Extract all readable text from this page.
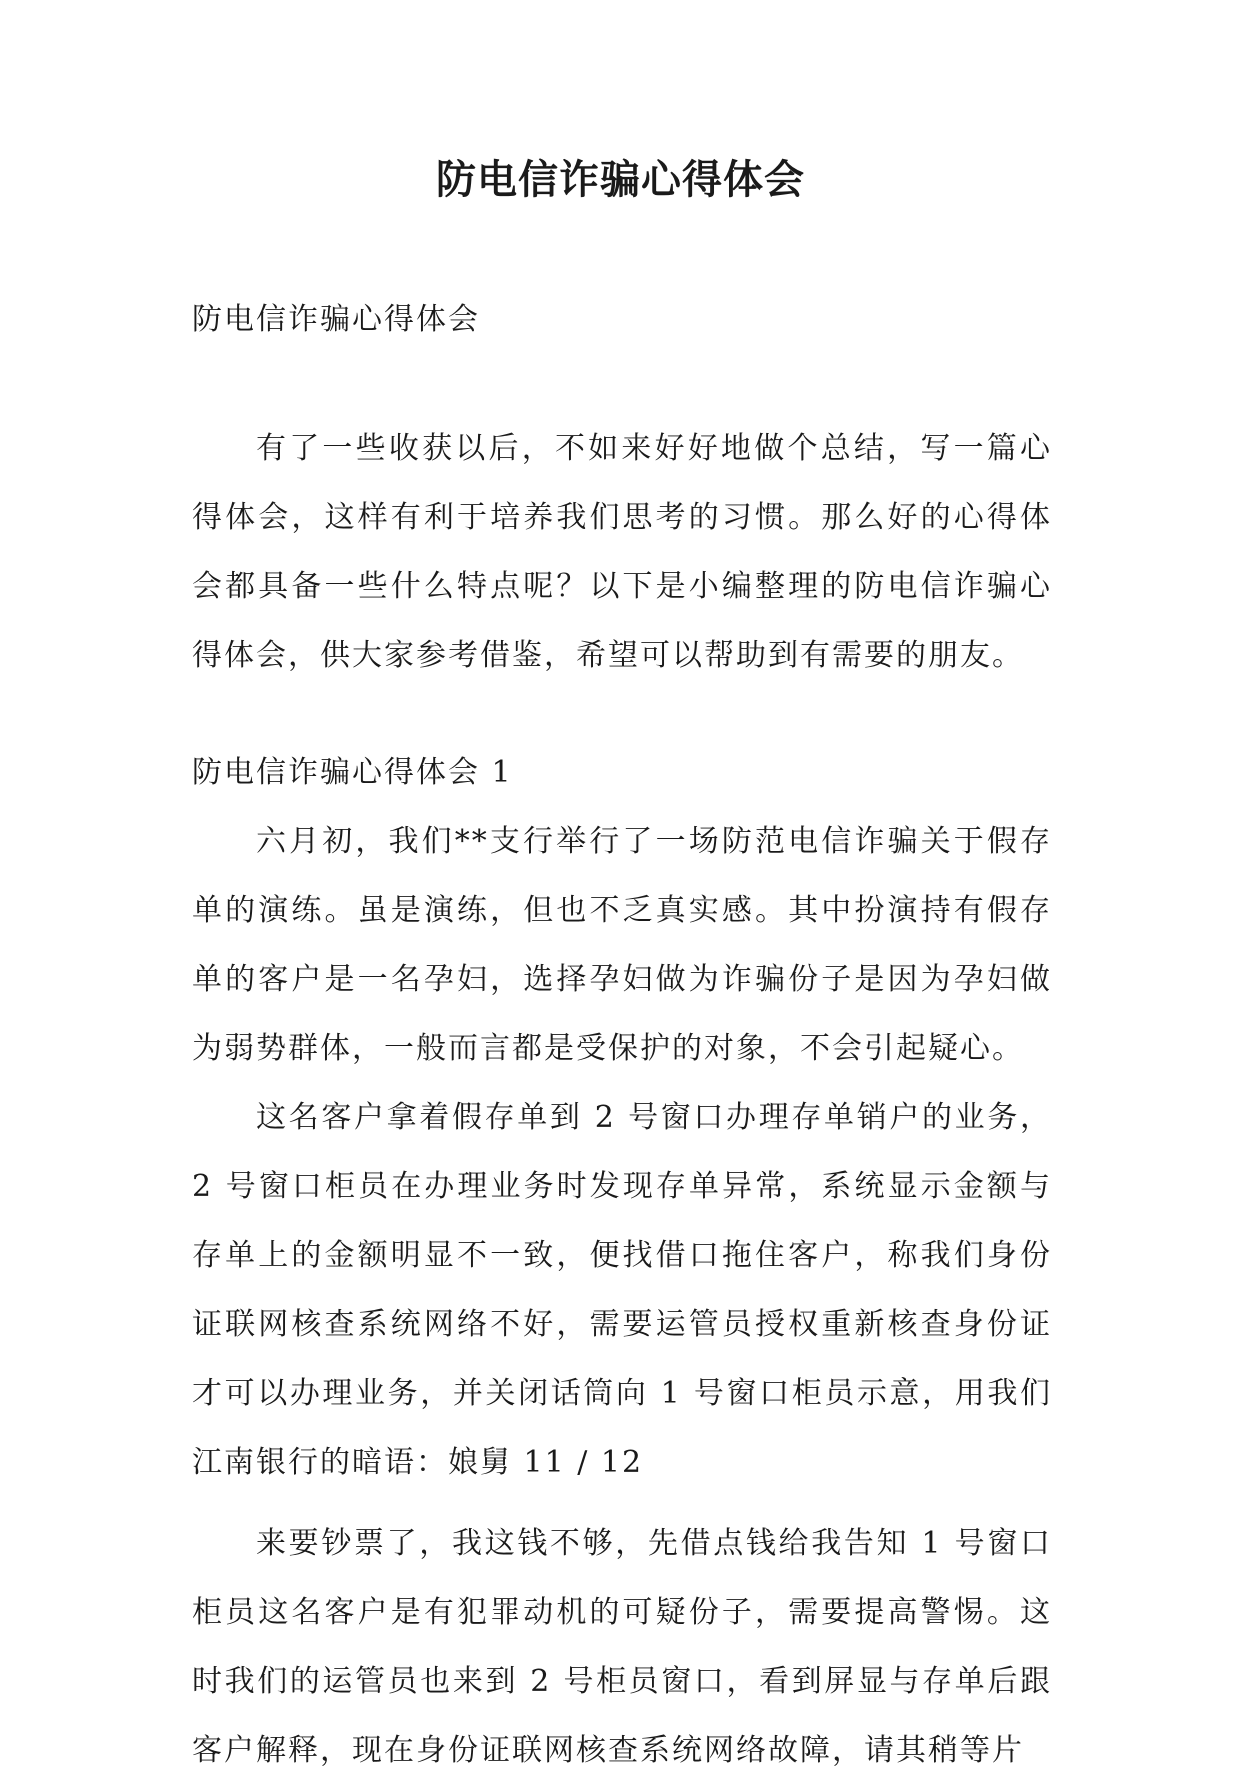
防电信诈骗心得体会

防电信诈骗心得体会

有了一些收获以后，不如来好好地做个总结，写一篇心得体会，这样有利于培养我们思考的习惯。那么好的心得体会都具备一些什么特点呢？以下是小编整理的防电信诈骗心得体会，供大家参考借鉴，希望可以帮助到有需要的朋友。

防电信诈骗心得体会 1

六月初，我们**支行举行了一场防范电信诈骗关于假存单的演练。虽是演练，但也不乏真实感。其中扮演持有假存单的客户是一名孕妇，选择孕妇做为诈骗份子是因为孕妇做为弱势群体，一般而言都是受保护的对象，不会引起疑心。

这名客户拿着假存单到 2 号窗口办理存单销户的业务，2 号窗口柜员在办理业务时发现存单异常，系统显示金额与存单上的金额明显不一致，便找借口拖住客户，称我们身份证联网核查系统网络不好，需要运管员授权重新核查身份证才可以办理业务，并关闭话筒向 1 号窗口柜员示意，用我们江南银行的暗语：娘舅 11 / 12

来要钞票了，我这钱不够，先借点钱给我告知 1 号窗口柜员这名客户是有犯罪动机的可疑份子，需要提高警惕。这时我们的运管员也来到 2 号柜员窗口，看到屏显与存单后跟客户解释，现在身份证联网核查系统网络故障，请其稍等片
